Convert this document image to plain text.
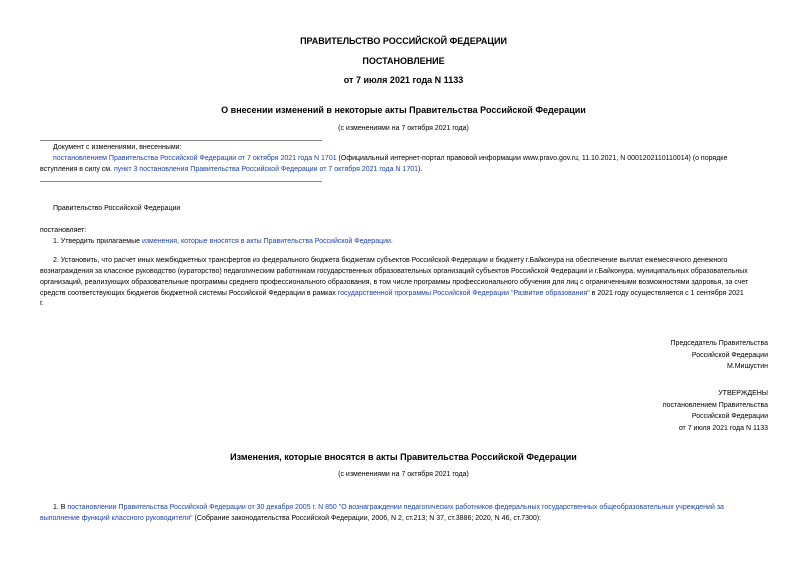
ПРАВИТЕЛЬСТВО РОССИЙСКОЙ ФЕДЕРАЦИИ
ПОСТАНОВЛЕНИЕ
от 7 июля 2021 года N 1133
О внесении изменений в некоторые акты Правительства Российской Федерации
(с изменениями на 7 октября 2021 года)
Документ с изменениями, внесенными:
постановлением Правительства Российской Федерации от 7 октября 2021 года N 1701 (Официальный интернет-портал правовой информации www.pravo.gov.ru, 11.10.2021, N 0001202110110014) (о порядке
вступления в силу см. пункт 3 постановления Правительства Российской Федерации от 7 октября 2021 года N 1701).
Правительство Российской Федерации
постановляет:
1. Утвердить прилагаемые изменения, которые вносятся в акты Правительства Российской Федерации.
2. Установить, что расчет иных межбюджетных трансфертов из федерального бюджета бюджетам субъектов Российской Федерации и бюджету г.Байконура на обеспечение выплат ежемесячного денежного
вознаграждения за классное руководство (кураторство) педагогическим работникам государственных образовательных организаций субъектов Российской Федерации и г.Байконура, муниципальных образовательных
организаций, реализующих образовательные программы среднего профессионального образования, в том числе программы профессионального обучения для лиц с ограниченными возможностями здоровья, за счет
средств соответствующих бюджетов бюджетной системы Российской Федерации в рамках государственной программы Российской Федерации "Развитие образования" в 2021 году осуществляется с 1 сентября 2021
г.
Председатель Правительства
Российской Федерации
М.Мишустин
УТВЕРЖДЕНЫ
постановлением Правительства
Российской Федерации
от 7 июля 2021 года N 1133
Изменения, которые вносятся в акты Правительства Российской Федерации
(с изменениями на 7 октября 2021 года)
1. В постановлении Правительства Российской Федерации от 30 декабря 2005 г. N 850 "О вознаграждении педагогических работников федеральных государственных общеобразовательных учреждений за
выполнение функций классного руководителя" (Собрание законодательства Российской Федерации, 2006, N 2, ст.213; N 37, ст.3886; 2020, N 46, ст.7300):
